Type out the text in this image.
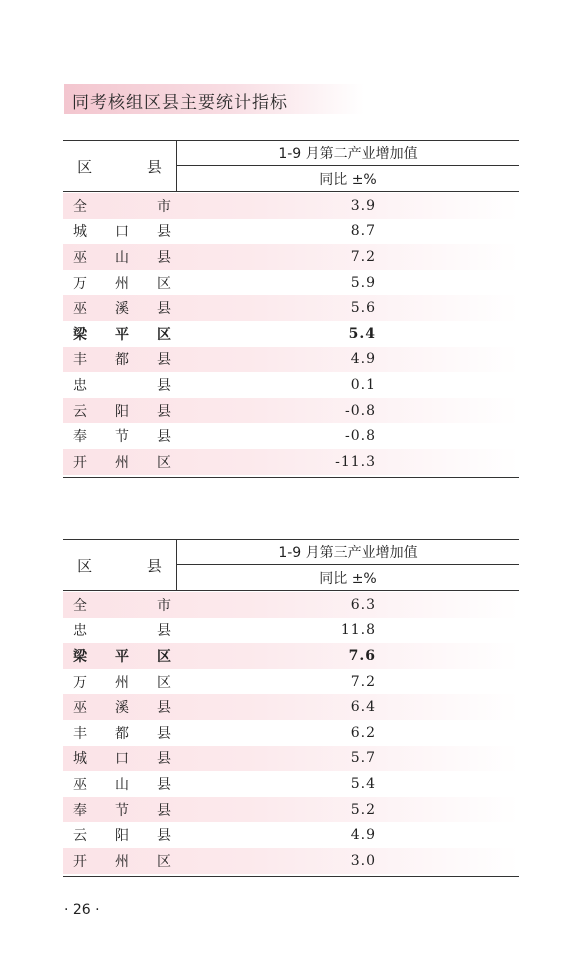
同考核组区县主要统计指标
区 县
1-9 月第二产业增加值
同比 ±%
全	市	3.9
城	口	县	8.7
巫	山	县	7.2
万	州	区	5.9
巫	溪	县	5.6
梁	平	区	5.4
丰	都	县	4.9
忠	县	0.1
云	阳	县	-0.8
奉	节	县	-0.8
开	州	区	-11.3
区 县
1-9 月第三产业增加值
同比 ±%
全	市	6.3
忠	县	11.8
梁	平	区	7.6
万	州	区	7.2
巫	溪	县	6.4
丰	都	县	6.2
城	口	县	5.7
巫	山	县	5.4
奉	节	县	5.2
云	阳	县	4.9
开	州	区	3.0
· 26 ·
